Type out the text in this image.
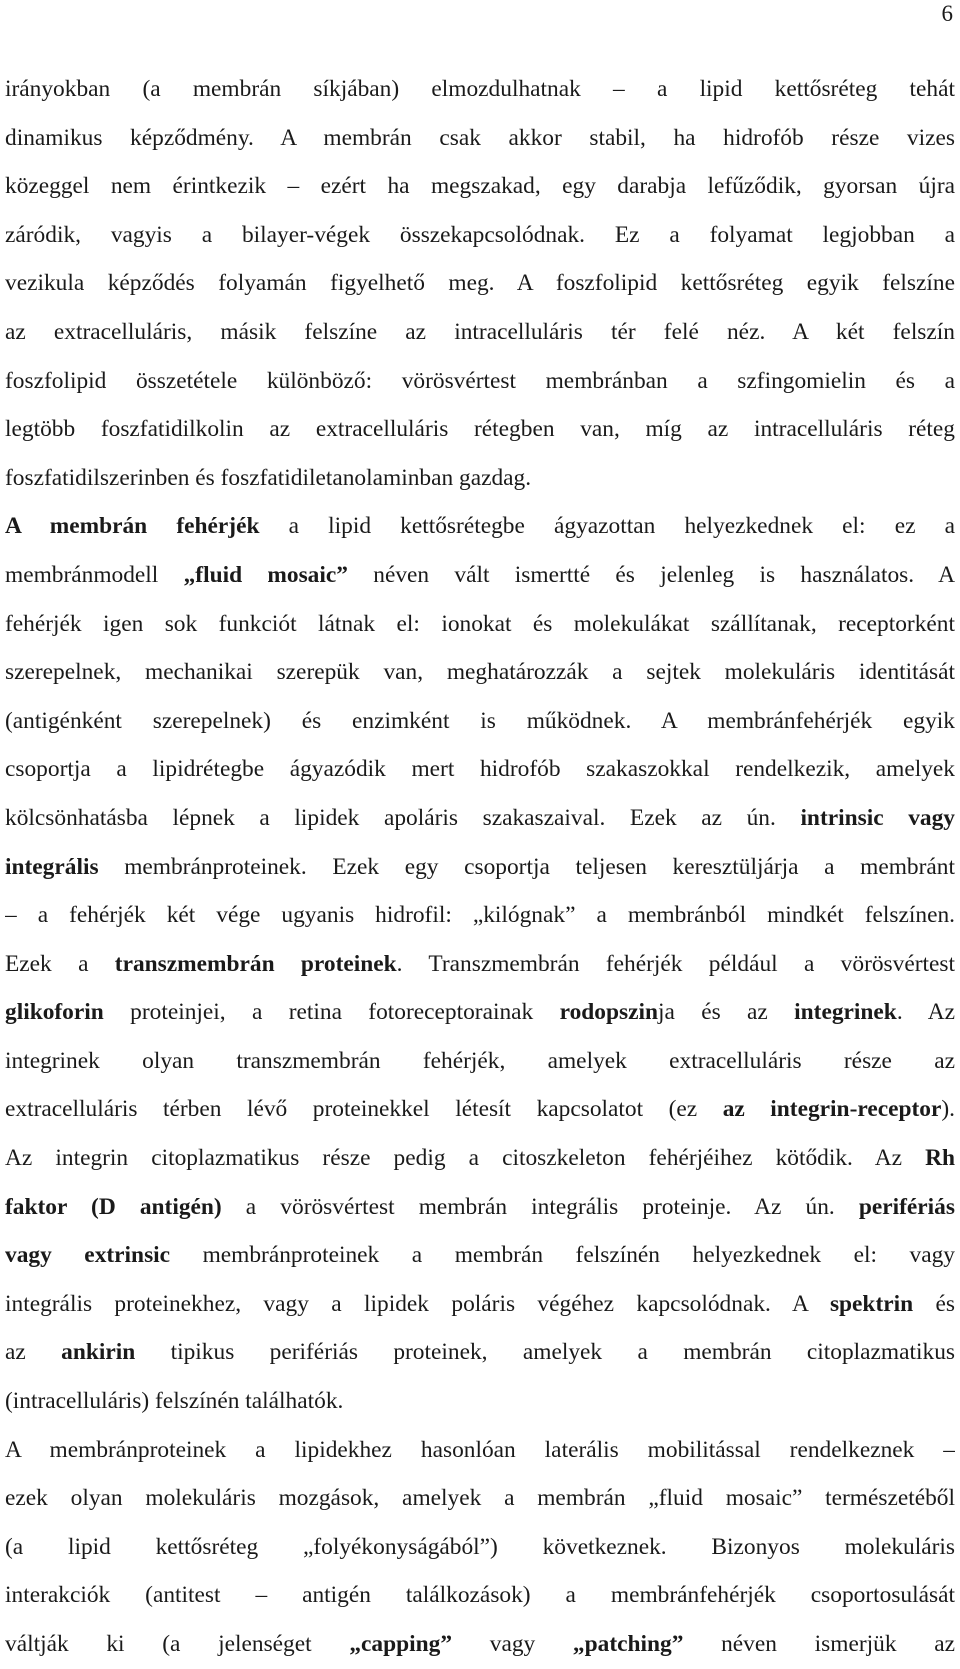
6
irányokban (a membrán síkjában) elmozdulhatnak – a lipid kettősréteg tehát
dinamikus képződmény. A membrán csak akkor stabil, ha hidrofób része vizes
közeggel nem érintkezik – ezért ha megszakad, egy darabja lefűződik, gyorsan újra
záródik, vagyis a bilayer-végek összekapcsolódnak. Ez a folyamat legjobban a
vezikula képződés folyamán figyelhető meg. A foszfolipid kettősréteg egyik felszíne
az extracelluláris, másik felszíne az intracelluláris tér felé néz. A két felszín
foszfolipid összetétele különböző: vörösvértest membránban a szfingomielin és a
legtöbb foszfatidilkolin az extracelluláris rétegben van, míg az intracelluláris réteg
foszfatidilszerinben és foszfatidiletanolaminban gazdag.
A membrán fehérjék a lipid kettősrétegbe ágyazottan helyezkednek el: ez a
membránmodell „fluid mosaic” néven vált ismertté és jelenleg is használatos. A
fehérjék igen sok funkciót látnak el: ionokat és molekulákat szállítanak, receptorként
szerepelnek, mechanikai szerepük van, meghatározzák a sejtek molekuláris identitását
(antigénként szerepelnek) és enzimként is működnek. A membránfehérjék egyik
csoportja a lipidrétegbe ágyazódik mert hidrofób szakaszokkal rendelkezik, amelyek
kölcsönhatásba lépnek a lipidek apoláris szakaszaival. Ezek az ún. intrinsic vagy
integrális membránproteinek. Ezek egy csoportja teljesen keresztüljárja a membránt
– a fehérjék két vége ugyanis hidrofil: „kilógnak” a membránból mindkét felszínen.
Ezek a transzmembrán proteinek. Transzmembrán fehérjék például a vörösvértest
glikoforin proteinjei, a retina fotoreceptorainak rodopszinja és az integrinek. Az
integrinek olyan transzmembrán fehérjék, amelyek extracelluláris része az
extracelluláris térben lévő proteinekkel létesít kapcsolatot (ez az integrin-receptor).
Az integrin citoplazmatikus része pedig a citoszkeleton fehérjéihez kötődik. Az Rh
faktor (D antigén) a vörösvértest membrán integrális proteinje. Az ún. perifériás
vagy extrinsic membránproteinek a membrán felszínén helyezkednek el: vagy
integrális proteinekhez, vagy a lipidek poláris végéhez kapcsolódnak. A spektrin és
az ankirin tipikus perifériás proteinek, amelyek a membrán citoplazmatikus
(intracelluláris) felszínén találhatók.
A membránproteinek a lipidekhez hasonlóan laterális mobilitással rendelkeznek –
ezek olyan molekuláris mozgások, amelyek a membrán „fluid mosaic” természetéből
(a lipid kettősréteg „folyékonyságából”) következnek. Bizonyos molekuláris
interakciók (antitest – antigén találkozások) a membránfehérjék csoportosulását
váltják ki (a jelenséget „capping” vagy „patching” néven ismerjük az
